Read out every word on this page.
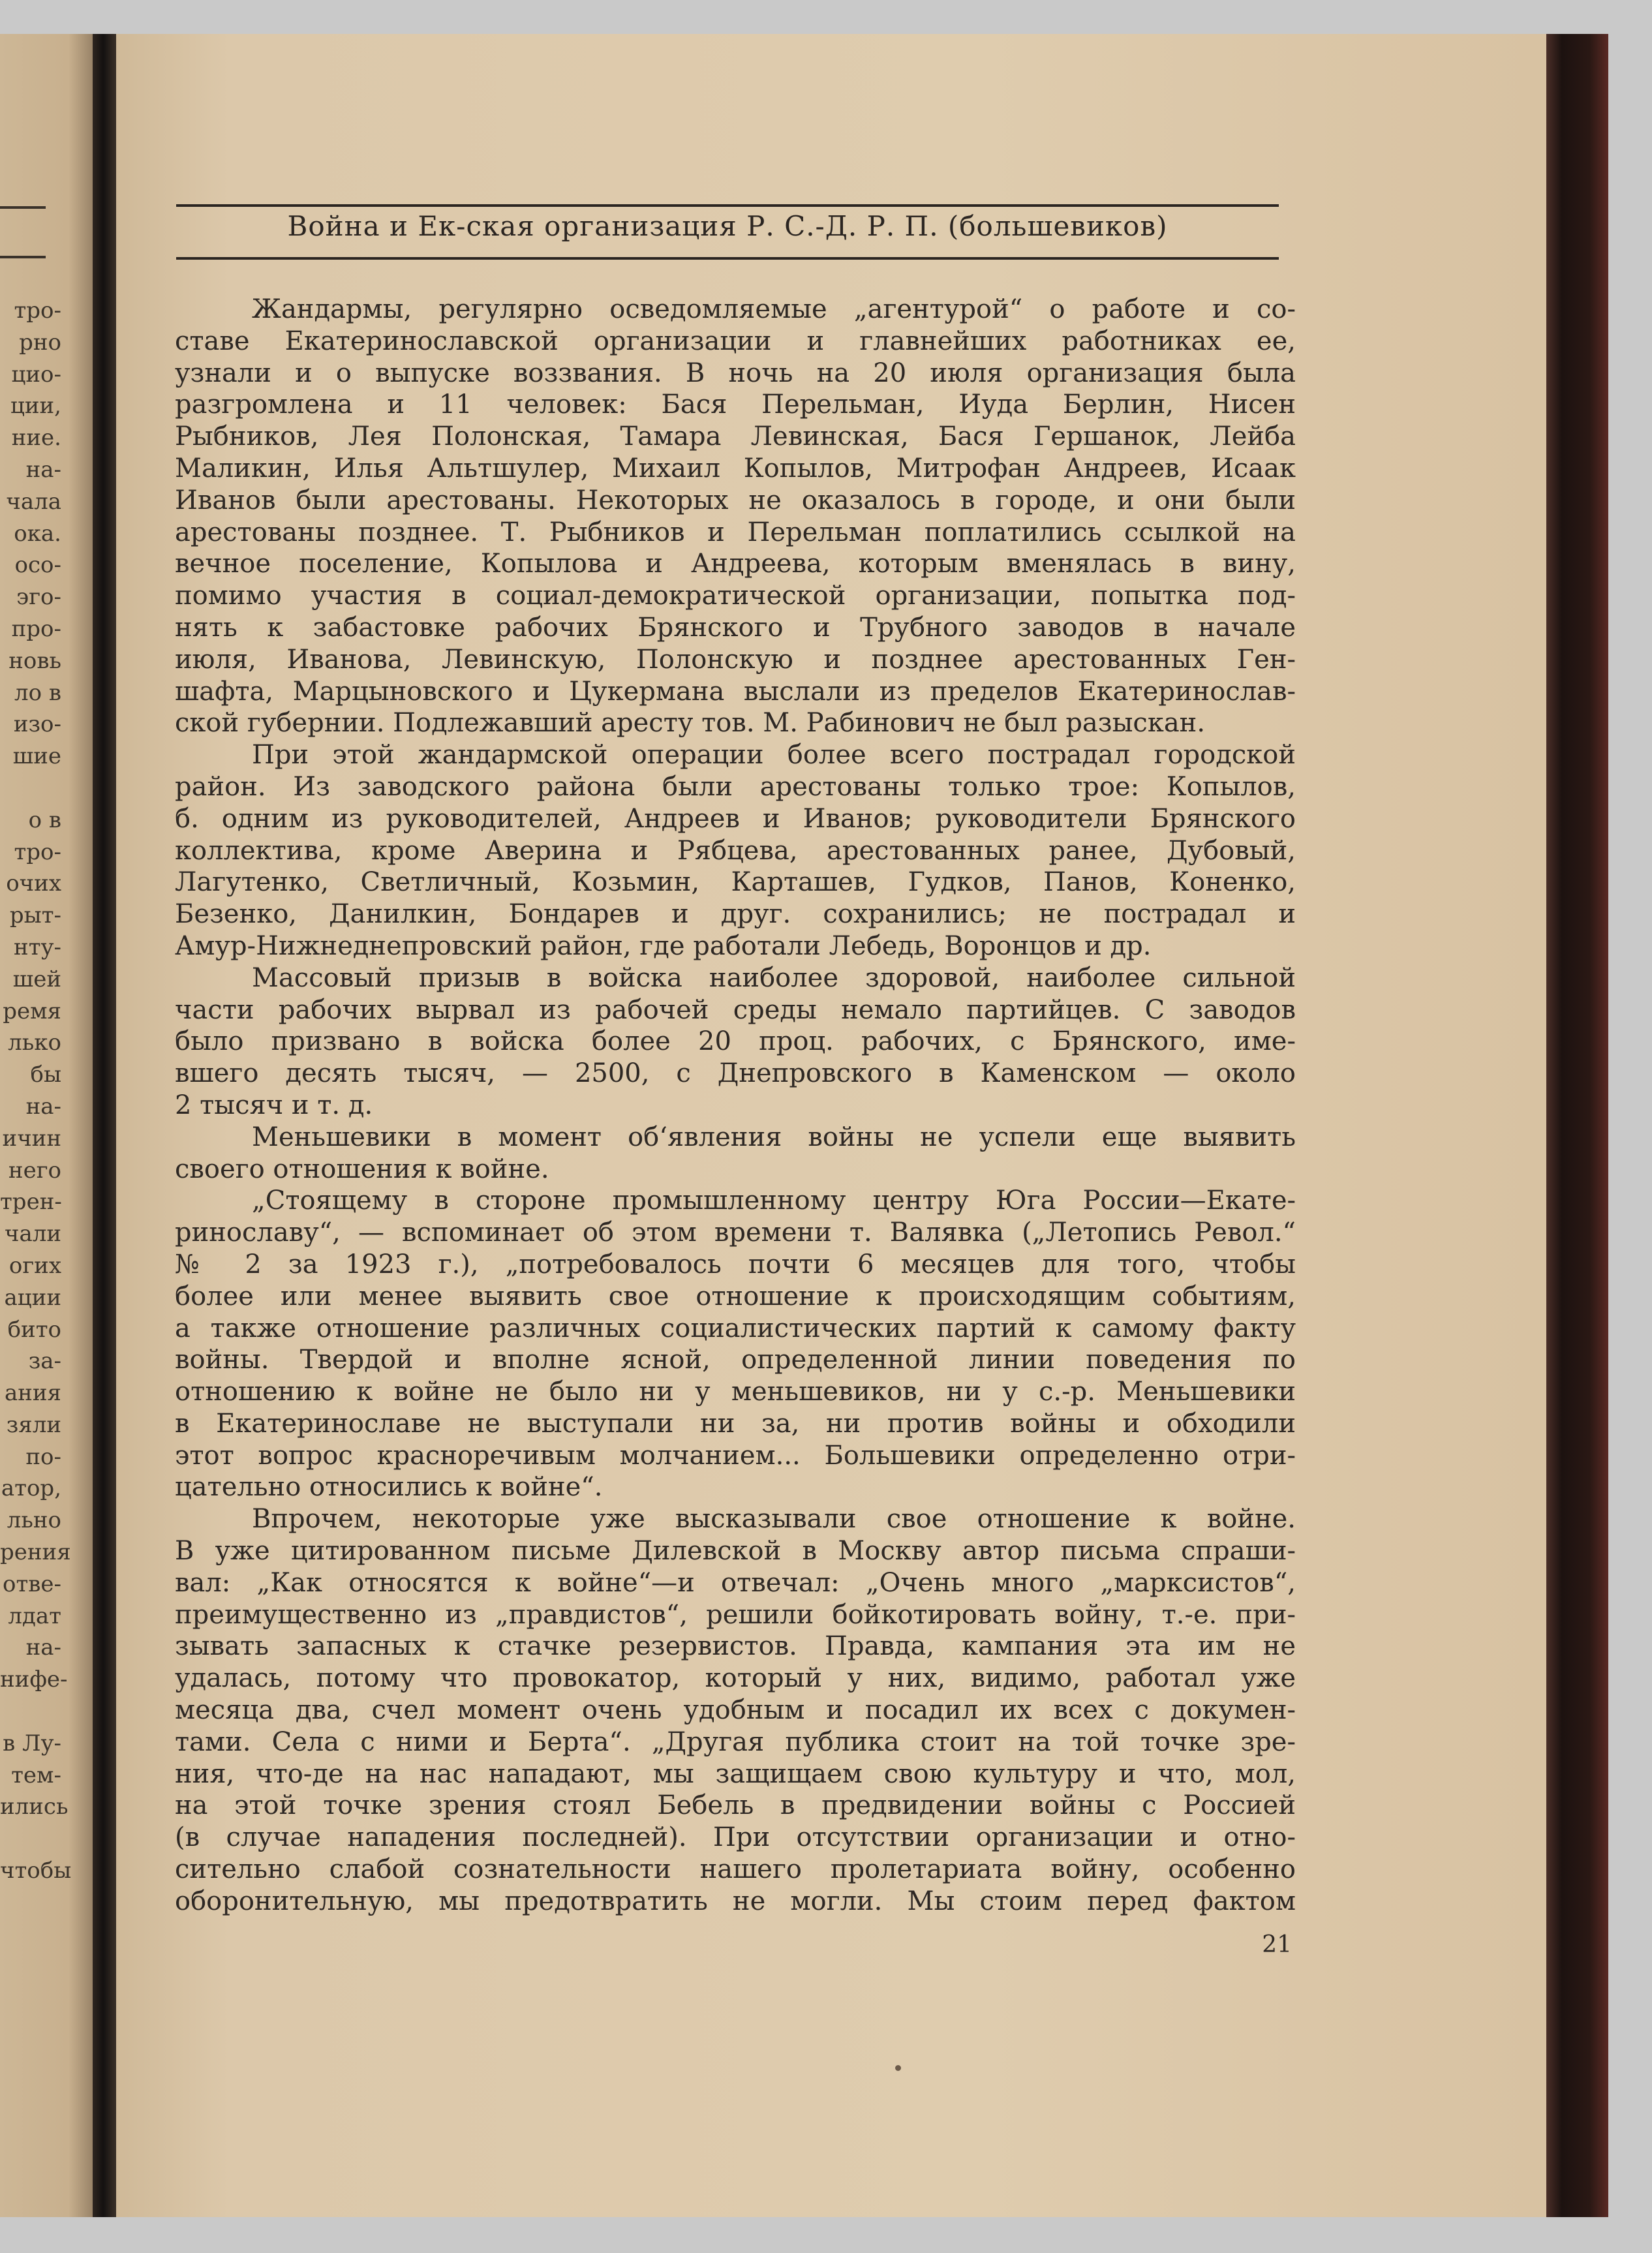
тро-
рно
цио-
ции,
ние.
на-
чала
ока.
осо-
эго-
про-
новь
ло в
изо-
шие
о в
тро-
очих
рыт-
нту-
шей
ремя
лько
бы
на-
ичин
него
трен-
чали
огих
ации
бито
за-
ания
зяли
по-
атор,
льно
рения
отве-
лдат
на-
нифе-
в Лу-
тем-
ились
чтобы
Война и Ек-ская организация Р. С.-Д. Р. П. (большевиков)
Жандармы, регулярно осведомляемые „агентурой“ о работе и со-
ставе Екатеринославской организации и главнейших работниках ее,
узнали и о выпуске воззвания. В ночь на 20 июля организация была
разгромлена и 11 человек: Бася Перельман, Иуда Берлин, Нисен
Рыбников, Лея Полонская, Тамара Левинская, Бася Гершанок, Лейба
Маликин, Илья Альтшулер, Михаил Копылов, Митрофан Андреев, Исаак
Иванов были арестованы. Некоторых не оказалось в городе, и они были
арестованы позднее. Т. Рыбников и Перельман поплатились ссылкой на
вечное поселение, Копылова и Андреева, которым вменялась в вину,
помимо участия в социал-демократической организации, попытка под-
нять к забастовке рабочих Брянского и Трубного заводов в начале
июля, Иванова, Левинскую, Полонскую и позднее арестованных Ген-
шафта, Марцыновского и Цукермана выслали из пределов Екатеринослав-
ской губернии. Подлежавший аресту тов. М. Рабинович не был разыскан.
При этой жандармской операции более всего пострадал городской
район. Из заводского района были арестованы только трое: Копылов,
б. одним из руководителей, Андреев и Иванов; руководители Брянского
коллектива, кроме Аверина и Рябцева, арестованных ранее, Дубовый,
Лагутенко, Светличный, Козьмин, Карташев, Гудков, Панов, Коненко,
Безенко, Данилкин, Бондарев и друг. сохранились; не пострадал и
Амур-Нижнеднепровский район, где работали Лебедь, Воронцов и др.
Массовый призыв в войска наиболее здоровой, наиболее сильной
части рабочих вырвал из рабочей среды немало партийцев. С заводов
было призвано в войска более 20 проц. рабочих, с Брянского, име-
вшего десять тысяч, — 2500, с Днепровского в Каменском — около
2 тысяч и т. д.
Меньшевики в момент об‘явления войны не успели еще выявить
своего отношения к войне.
„Стоящему в стороне промышленному центру Юга России—Екате-
ринославу“, — вспоминает об этом времени т. Валявка („Летопись Револ.“
№ 2 за 1923 г.), „потребовалось почти 6 месяцев для того, чтобы
более или менее выявить свое отношение к происходящим событиям,
а также отношение различных социалистических партий к самому факту
войны. Твердой и вполне ясной, определенной линии поведения по
отношению к войне не было ни у меньшевиков, ни у с.-р. Меньшевики
в Екатеринославе не выступали ни за, ни против войны и обходили
этот вопрос красноречивым молчанием... Большевики определенно отри-
цательно относились к войне“.
Впрочем, некоторые уже высказывали свое отношение к войне.
В уже цитированном письме Дилевской в Москву автор письма спраши-
вал: „Как относятся к войне“—и отвечал: „Очень много „марксистов“,
преимущественно из „правдистов“, решили бойкотировать войну, т.-е. при-
зывать запасных к стачке резервистов. Правда, кампания эта им не
удалась, потому что провокатор, который у них, видимо, работал уже
месяца два, счел момент очень удобным и посадил их всех с докумен-
тами. Села с ними и Берта“. „Другая публика стоит на той точке зре-
ния, что-де на нас нападают, мы защищаем свою культуру и что, мол,
на этой точке зрения стоял Бебель в предвидении войны с Россией
(в случае нападения последней). При отсутствии организации и отно-
сительно слабой сознательности нашего пролетариата войну, особенно
оборонительную, мы предотвратить не могли. Мы стоим перед фактом
21
